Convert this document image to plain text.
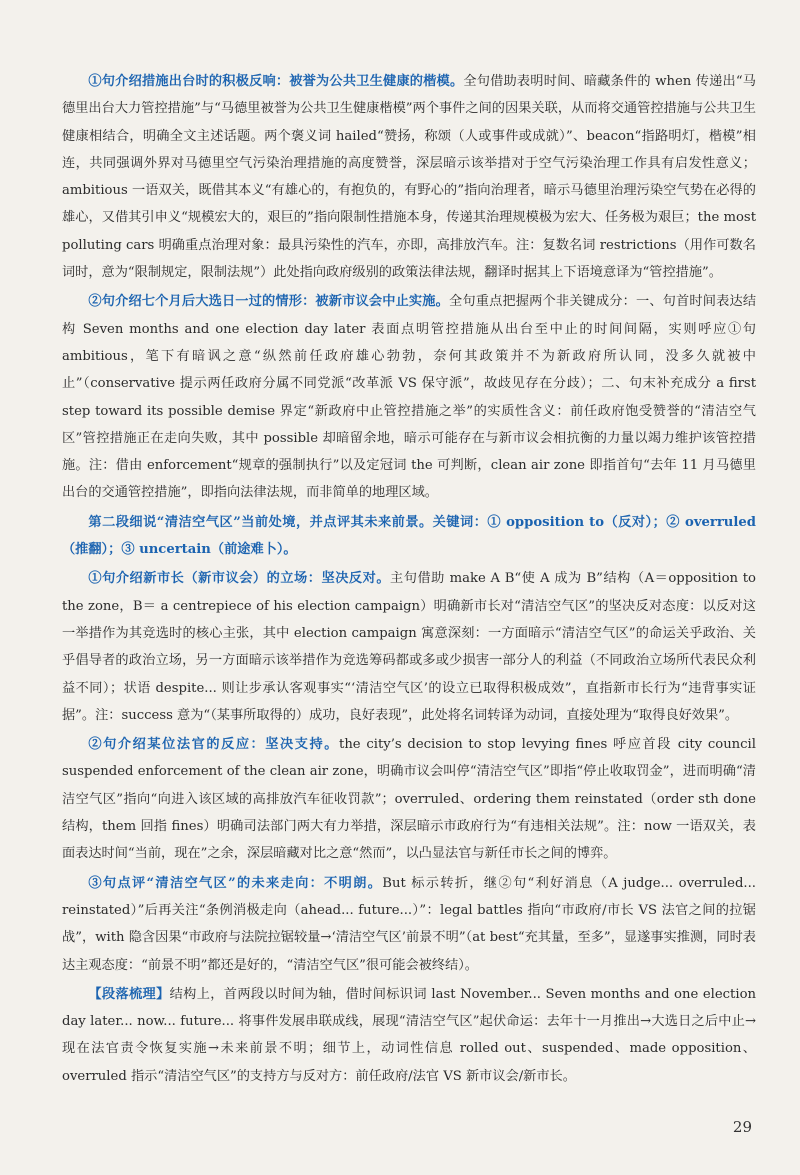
①句介绍措施出台时的积极反响：被誉为公共卫生健康的楷模。全句借助表明时间、暗藏条件的 when 传递出“马德里出台大力管控措施”与“马德里被誉为公共卫生健康楷模”两个事件之间的因果关联，从而将交通管控措施与公共卫生健康相结合，明确全文主述话题。两个褒义词 hailed“赞扬，称颂（人或事件或成就）”、beacon“指路明灯，楷模”相连，共同强调外界对马德里空气污染治理措施的高度赞誉，深层暗示该举措对于空气污染治理工作具有启发性意义；ambitious 一语双关，既借其本义“有雄心的，有抱负的，有野心的”指向治理者，暗示马德里治理污染空气势在必得的雄心，又借其引申义“规模宏大的，艰巨的”指向限制性措施本身，传递其治理规模极为宏大、任务极为艰巨；the most polluting cars 明确重点治理对象：最具污染性的汽车，亦即，高排放汽车。注：复数名词 restrictions（用作可数名词时，意为“限制规定，限制法规”）此处指向政府级别的政策法律法规，翻译时据其上下语境意译为“管控措施”。

②句介绍七个月后大选日一过的情形：被新市议会中止实施。全句重点把握两个非关键成分：一、句首时间表达结构 Seven months and one election day later 表面点明管控措施从出台至中止的时间间隔，实则呼应①句 ambitious，笔下有暗讽之意“纵然前任政府雄心勃勃，奈何其政策并不为新政府所认同，没多久就被中止”（conservative 提示两任政府分属不同党派“改革派 VS 保守派”，故歧见存在分歧）；二、句末补充成分 a first step toward its possible demise 界定“新政府中止管控措施之举”的实质性含义：前任政府饱受赞誉的“清洁空气区”管控措施正在走向失败，其中 possible 却暗留余地，暗示可能存在与新市议会相抗衡的力量以竭力维护该管控措施。注：借由 enforcement“规章的强制执行”以及定冠词 the 可判断，clean air zone 即指首句“去年 11 月马德里出台的交通管控措施”，即指向法律法规，而非简单的地理区域。

第二段细说“清洁空气区”当前处境，并点评其未来前景。关键词：① opposition to（反对）；② overruled（推翻）；③ uncertain（前途难卜）。

①句介绍新市长（新市议会）的立场：坚决反对。主句借助 make A B“使 A 成为 B”结构（A＝opposition to the zone，B＝ a centrepiece of his election campaign）明确新市长对“清洁空气区”的坚决反对态度：以反对这一举措作为其竞选时的核心主张，其中 election campaign 寓意深刻：一方面暗示“清洁空气区”的命运关乎政治、关乎倡导者的政治立场，另一方面暗示该举措作为竞选筹码都或多或少损害一部分人的利益（不同政治立场所代表民众利益不同）；状语 despite... 则让步承认客观事实“‘清洁空气区’的设立已取得积极成效”，直指新市长行为“违背事实证据”。注：success 意为“（某事所取得的）成功，良好表现”，此处将名词转译为动词，直接处理为“取得良好效果”。

②句介绍某位法官的反应：坚决支持。the city’s decision to stop levying fines 呼应首段 city council suspended enforcement of the clean air zone，明确市议会叫停“清洁空气区”即指“停止收取罚金”，进而明确“清洁空气区”指向“向进入该区域的高排放汽车征收罚款”；overruled、ordering them reinstated（order sth done 结构，them 回指 fines）明确司法部门两大有力举措，深层暗示市政府行为“有违相关法规”。注：now 一语双关，表面表达时间“当前，现在”之余，深层暗藏对比之意“然而”，以凸显法官与新任市长之间的博弈。

③句点评“清洁空气区”的未来走向：不明朗。But 标示转折，继②句“利好消息（A judge... overruled... reinstated）”后再关注“条例消极走向（ahead... future...）”：legal battles 指向“市政府/市长 VS 法官之间的拉锯战”，with 隐含因果“市政府与法院拉锯较量→‘清洁空气区’前景不明”（at best“充其量，至多”，显遂事实推测，同时表达主观态度：“前景不明”都还是好的，“清洁空气区”很可能会被终结）。

【段落梳理】结构上，首两段以时间为轴，借时间标识词 last November... Seven months and one election day later... now... future... 将事件发展串联成线，展现“清洁空气区”起伏命运：去年十一月推出→大选日之后中止→现在法官责令恢复实施→未来前景不明；细节上，动词性信息 rolled out、suspended、made opposition、overruled 指示“清洁空气区”的支持方与反对方：前任政府/法官 VS 新市议会/新市长。

29
